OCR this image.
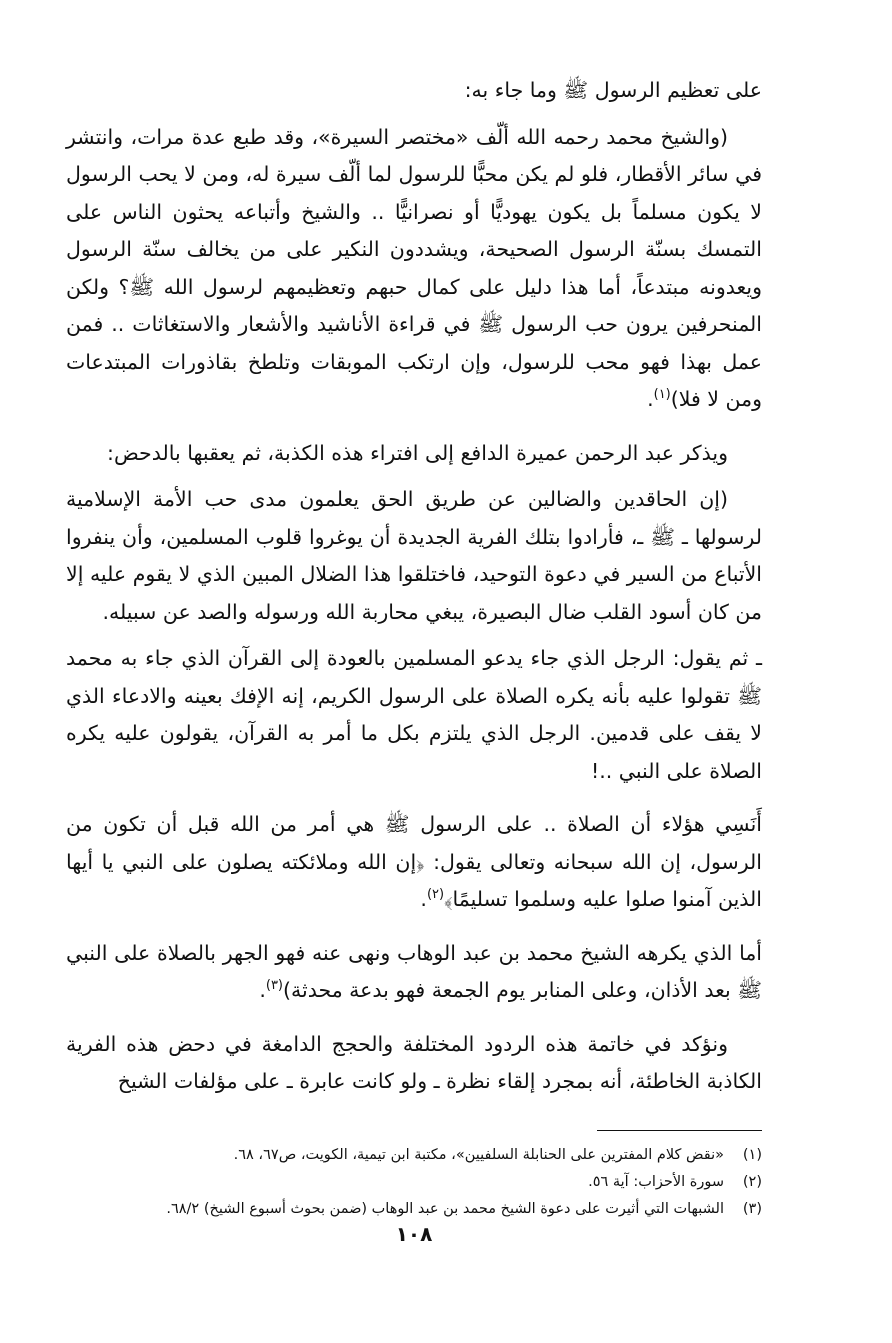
على تعظيم الرسول ﷺ وما جاء به:

(والشيخ محمد رحمه الله ألّف «مختصر السيرة»، وقد طبع عدة مرات، وانتشر في سائر الأقطار، فلو لم يكن محبًّا للرسول لما ألّف سيرة له، ومن لا يحب الرسول لا يكون مسلماً بل يكون يهوديًّا أو نصرانيًّا .. والشيخ وأتباعه يحثون الناس على التمسك بسنّة الرسول الصحيحة، ويشددون النكير على من يخالف سنّة الرسول ويعدونه مبتدعاً، أما هذا دليل على كمال حبهم وتعظيمهم لرسول الله ﷺ؟ ولكن المنحرفين يرون حب الرسول ﷺ في قراءة الأناشيد والأشعار والاستغاثات .. فمن عمل بهذا فهو محب للرسول، وإن ارتكب الموبقات وتلطخ بقاذورات المبتدعات ومن لا فلا)$^{(١)}$.

ويذكر عبد الرحمن عميرة الدافع إلى افتراء هذه الكذبة، ثم يعقبها بالدحض:

(إن الحاقدين والضالين عن طريق الحق يعلمون مدى حب الأمة الإسلامية لرسولها ـ ﷺ ـ، فأرادوا بتلك الفرية الجديدة أن يوغروا قلوب المسلمين، وأن ينفروا الأتباع من السير في دعوة التوحيد، فاختلقوا هذا الضلال المبين الذي لا يقوم عليه إلا من كان أسود القلب ضال البصيرة، يبغي محاربة الله ورسوله والصد عن سبيله.

ـ ثم يقول: الرجل الذي جاء يدعو المسلمين بالعودة إلى القرآن الذي جاء به محمد ﷺ تقولوا عليه بأنه يكره الصلاة على الرسول الكريم، إنه الإفك بعينه والادعاء الذي لا يقف على قدمين. الرجل الذي يلتزم بكل ما أمر به القرآن، يقولون عليه يكره الصلاة على النبي ..!

أَنَسِي هؤلاء أن الصلاة .. على الرسول ﷺ هي أمر من الله قبل أن تكون من الرسول، إن الله سبحانه وتعالى يقول: ﴿إن الله وملائكته يصلون على النبي يا أيها الذين آمنوا صلوا عليه وسلموا تسليمًا﴾$^{(٢)}$.

أما الذي يكرهه الشيخ محمد بن عبد الوهاب ونهى عنه فهو الجهر بالصلاة على النبي ﷺ بعد الأذان، وعلى المنابر يوم الجمعة فهو بدعة محدثة)$^{(٣)}$.

ونؤكد في خاتمة هذه الردود المختلفة والحجج الدامغة في دحض هذه الفرية الكاذبة الخاطئة، أنه بمجرد إلقاء نظرة ـ ولو كانت عابرة ـ على مؤلفات الشيخ

(١)
«نقض كلام المفترين على الحنابلة السلفيين»، مكتبة ابن تيمية، الكويت، ص٦٧، ٦٨.

(٢)
سورة الأحزاب: آية ٥٦.

(٣)
الشبهات التي أثيرت على دعوة الشيخ محمد بن عبد الوهاب (ضمن بحوث أسبوع الشيخ) ٦٨/٢.

١٠٨
